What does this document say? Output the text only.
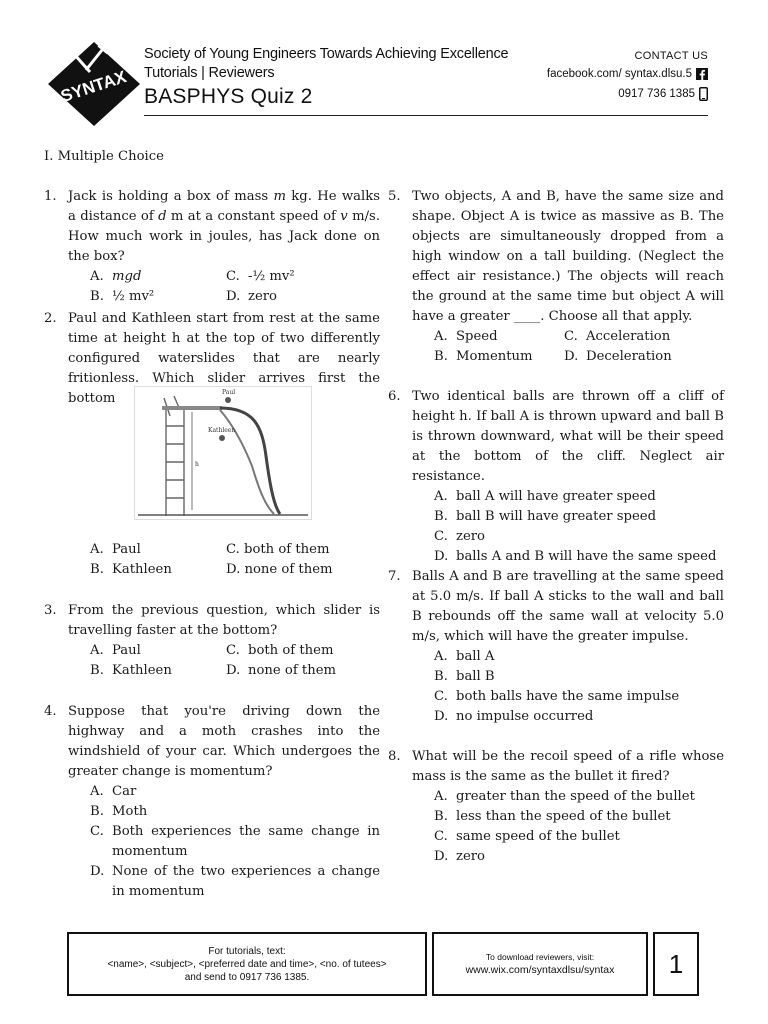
SYNTAX
Society of Young Engineers Towards Achieving Excellence
Tutorials | Reviewers
BASPHYS Quiz 2
CONTACT US
facebook.com/ syntax.dlsu.5
0917 736 1385
I. Multiple Choice
1. Jack is holding a box of mass m kg. He walks a distance of d m at a constant speed of v m/s. How much work in joules, has Jack done on the box?
A. mgd	C. -½ mv²
B. ½ mv²	D. zero
2. Paul and Kathleen start from rest at the same time at height h at the top of two differently configured waterslides that are nearly fritionless. Which slider arrives first the bottom
h
Paul
Kathleen
A. Paul	C. both of them
B. Kathleen	D. none of them
3. From the previous question, which slider is travelling faster at the bottom?
A. Paul	C. both of them
B. Kathleen	D. none of them
4. Suppose that you're driving down the highway and a moth crashes into the windshield of your car. Which undergoes the greater change is momentum?
A. Car
B. Moth
C. Both experiences the same change in momentum
D. None of the two experiences a change in momentum
5. Two objects, A and B, have the same size and shape. Object A is twice as massive as B. The objects are simultaneously dropped from a high window on a tall building. (Neglect the effect air resistance.) The objects will reach the ground at the same time but object A will have a greater ____. Choose all that apply.
A. Speed	C. Acceleration
B. Momentum	D. Deceleration
6. Two identical balls are thrown off a cliff of height h. If ball A is thrown upward and ball B is thrown downward, what will be their speed at the bottom of the cliff. Neglect air resistance.
A. ball A will have greater speed
B. ball B will have greater speed
C. zero
D. balls A and B will have the same speed
7. Balls A and B are travelling at the same speed at 5.0 m/s. If ball A sticks to the wall and ball B rebounds off the same wall at velocity 5.0 m/s, which will have the greater impulse.
A. ball A
B. ball B
C. both balls have the same impulse
D. no impulse occurred
8. What will be the recoil speed of a rifle whose mass is the same as the bullet it fired?
A. greater than the speed of the bullet
B. less than the speed of the bullet
C. same speed of the bullet
D. zero
For tutorials, text:
<name>, <subject>, <preferred date and time>, <no. of tutees>
and send to 0917 736 1385.
To download reviewers, visit:
www.wix.com/syntaxdlsu/syntax	1
